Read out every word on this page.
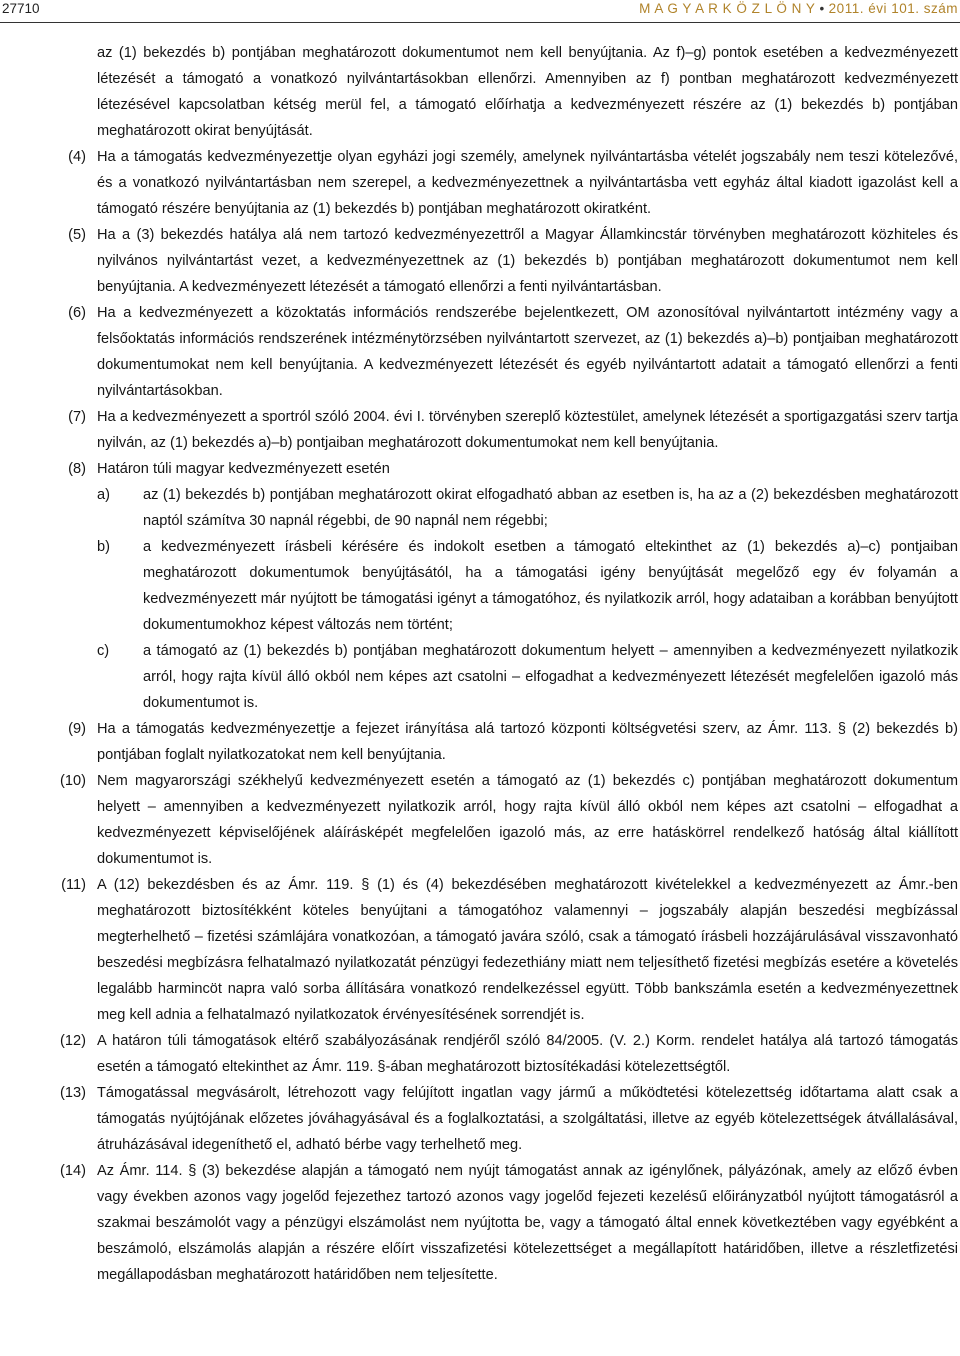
27710	M A G Y A R K Ö Z L Ö N Y • 2011. évi 101. szám
az (1) bekezdés b) pontjában meghatározott dokumentumot nem kell benyújtania. Az f)–g) pontok esetében a kedvezményezett létezését a támogató a vonatkozó nyilvántartásokban ellenőrzi. Amennyiben az f) pontban meghatározott kedvezményezett létezésével kapcsolatban kétség merül fel, a támogató előírhatja a kedvezményezett részére az (1) bekezdés b) pontjában meghatározott okirat benyújtását.
(4) Ha a támogatás kedvezményezettje olyan egyházi jogi személy, amelynek nyilvántartásba vételét jogszabály nem teszi kötelezővé, és a vonatkozó nyilvántartásban nem szerepel, a kedvezményezettnek a nyilvántartásba vett egyház által kiadott igazolást kell a támogató részére benyújtania az (1) bekezdés b) pontjában meghatározott okiratként.
(5) Ha a (3) bekezdés hatálya alá nem tartozó kedvezményezettről a Magyar Államkincstár törvényben meghatározott közhiteles és nyilvános nyilvántartást vezet, a kedvezményezettnek az (1) bekezdés b) pontjában meghatározott dokumentumot nem kell benyújtania. A kedvezményezett létezését a támogató ellenőrzi a fenti nyilvántartásban.
(6) Ha a kedvezményezett a közoktatás információs rendszerébe bejelentkezett, OM azonosítóval nyilvántartott intézmény vagy a felsőoktatás információs rendszerének intézménytörzsében nyilvántartott szervezet, az (1) bekezdés a)–b) pontjaiban meghatározott dokumentumokat nem kell benyújtania. A kedvezményezett létezését és egyéb nyilvántartott adatait a támogató ellenőrzi a fenti nyilvántartásokban.
(7) Ha a kedvezményezett a sportról szóló 2004. évi I. törvényben szereplő köztestület, amelynek létezését a sportigazgatási szerv tartja nyilván, az (1) bekezdés a)–b) pontjaiban meghatározott dokumentumokat nem kell benyújtania.
(8) Határon túli magyar kedvezményezett esetén
a) az (1) bekezdés b) pontjában meghatározott okirat elfogadható abban az esetben is, ha az a (2) bekezdésben meghatározott naptól számítva 30 napnál régebbi, de 90 napnál nem régebbi;
b) a kedvezményezett írásbeli kérésére és indokolt esetben a támogató eltekinthet az (1) bekezdés a)–c) pontjaiban meghatározott dokumentumok benyújtásától, ha a támogatási igény benyújtását megelőző egy év folyamán a kedvezményezett már nyújtott be támogatási igényt a támogatóhoz, és nyilatkozik arról, hogy adataiban a korábban benyújtott dokumentumokhoz képest változás nem történt;
c) a támogató az (1) bekezdés b) pontjában meghatározott dokumentum helyett – amennyiben a kedvezményezett nyilatkozik arról, hogy rajta kívül álló okból nem képes azt csatolni – elfogadhat a kedvezményezett létezését megfelelően igazoló más dokumentumot is.
(9) Ha a támogatás kedvezményezettje a fejezet irányítása alá tartozó központi költségvetési szerv, az Ámr. 113. § (2) bekezdés b) pontjában foglalt nyilatkozatokat nem kell benyújtania.
(10) Nem magyarországi székhelyű kedvezményezett esetén a támogató az (1) bekezdés c) pontjában meghatározott dokumentum helyett – amennyiben a kedvezményezett nyilatkozik arról, hogy rajta kívül álló okból nem képes azt csatolni – elfogadhat a kedvezményezett képviselőjének aláírásképét megfelelően igazoló más, az erre hatáskörrel rendelkező hatóság által kiállított dokumentumot is.
(11) A (12) bekezdésben és az Ámr. 119. § (1) és (4) bekezdésében meghatározott kivételekkel a kedvezményezett az Ámr.-ben meghatározott biztosítékként köteles benyújtani a támogatóhoz valamennyi – jogszabály alapján beszedési megbízással megterhelhető – fizetési számlájára vonatkozóan, a támogató javára szóló, csak a támogató írásbeli hozzájárulásával visszavonható beszedési megbízásra felhatalmazó nyilatkozatát pénzügyi fedezethiány miatt nem teljesíthető fizetési megbízás esetére a követelés legalább harmincöt napra való sorba állítására vonatkozó rendelkezéssel együtt. Több bankszámla esetén a kedvezményezettnek meg kell adnia a felhatalmazó nyilatkozatok érvényesítésének sorrendjét is.
(12) A határon túli támogatások eltérő szabályozásának rendjéről szóló 84/2005. (V. 2.) Korm. rendelet hatálya alá tartozó támogatás esetén a támogató eltekinthet az Ámr. 119. §-ában meghatározott biztosítékadási kötelezettségtől.
(13) Támogatással megvásárolt, létrehozott vagy felújított ingatlan vagy jármű a működtetési kötelezettség időtartama alatt csak a támogatás nyújtójának előzetes jóváhagyásával és a foglalkoztatási, a szolgáltatási, illetve az egyéb kötelezettségek átvállalásával, átruházásával idegeníthető el, adható bérbe vagy terhelhető meg.
(14) Az Ámr. 114. § (3) bekezdése alapján a támogató nem nyújt támogatást annak az igénylőnek, pályázónak, amely az előző évben vagy években azonos vagy jogelőd fejezethez tartozó azonos vagy jogelőd fejezeti kezelésű előirányzatból nyújtott támogatásról a szakmai beszámolót vagy a pénzügyi elszámolást nem nyújtotta be, vagy a támogató által ennek következtében vagy egyébként a beszámoló, elszámolás alapján a részére előírt visszafizetési kötelezettséget a megállapított határidőben, illetve a részletfizetési megállapodásban meghatározott határidőben nem teljesítette.
